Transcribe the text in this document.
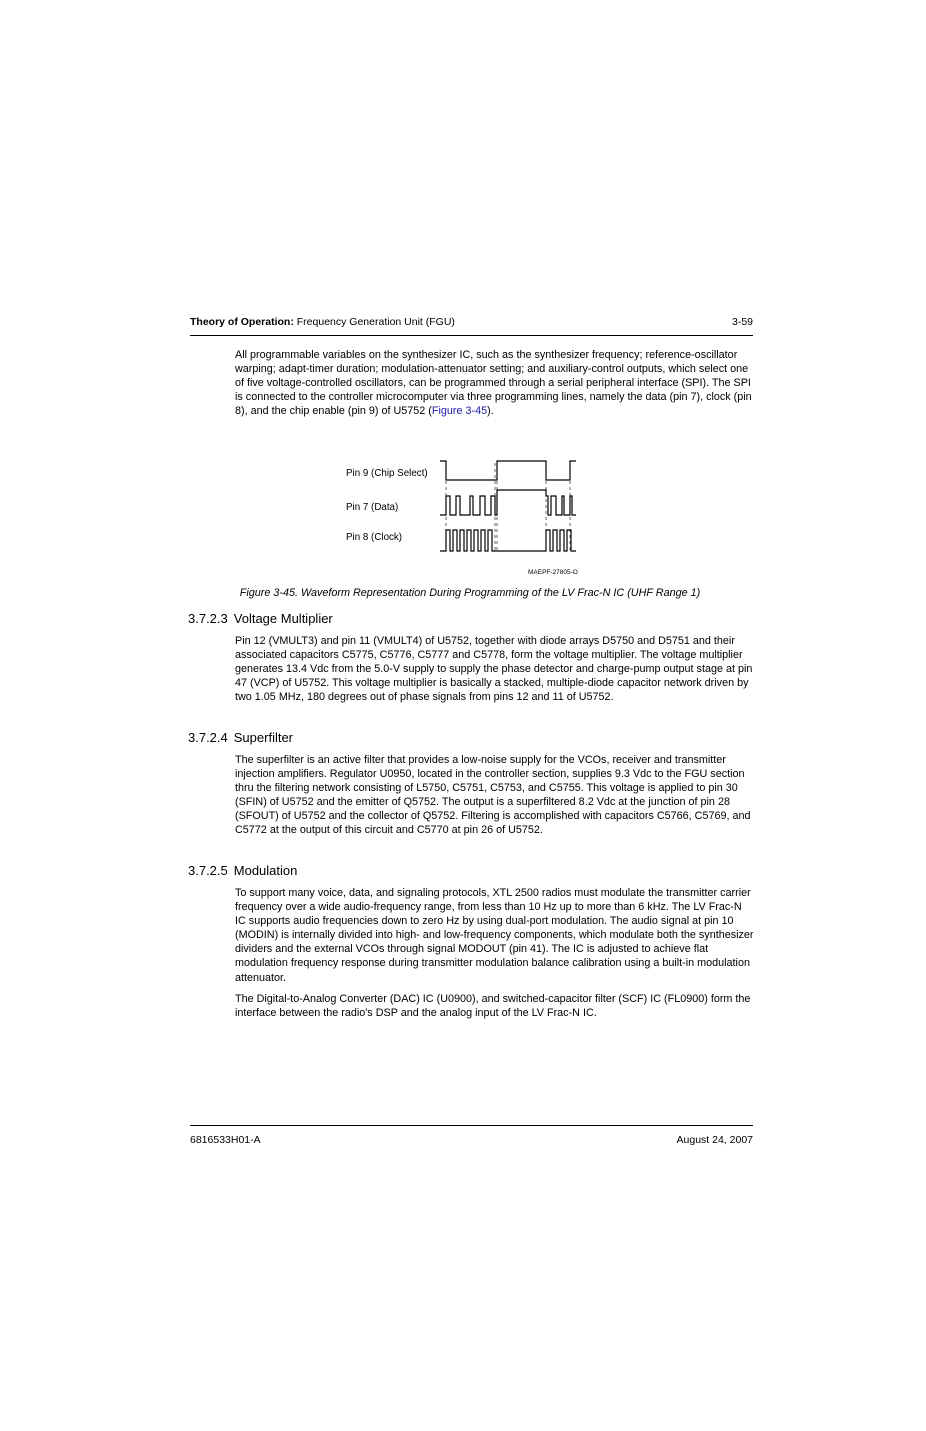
Theory of Operation: Frequency Generation Unit (FGU)	3-59

All programmable variables on the synthesizer IC, such as the synthesizer frequency; reference-oscillator warping; adapt-timer duration; modulation-attenuator setting; and auxiliary-control outputs, which select one of five voltage-controlled oscillators, can be programmed through a serial peripheral interface (SPI). The SPI is connected to the controller microcomputer via three programming lines, namely the data (pin 7), clock (pin 8), and the chip enable (pin 9) of U5752 (Figure 3-45).

Pin 9 (Chip Select)
Pin 7 (Data)
Pin 8 (Clock)
MAEPF-27805-O

Figure 3-45. Waveform Representation During Programming of the LV Frac-N IC (UHF Range 1)

3.7.2.3 Voltage Multiplier

Pin 12 (VMULT3) and pin 11 (VMULT4) of U5752, together with diode arrays D5750 and D5751 and their associated capacitors C5775, C5776, C5777 and C5778, form the voltage multiplier. The voltage multiplier generates 13.4 Vdc from the 5.0-V supply to supply the phase detector and charge-pump output stage at pin 47 (VCP) of U5752. This voltage multiplier is basically a stacked, multiple-diode capacitor network driven by two 1.05 MHz, 180 degrees out of phase signals from pins 12 and 11 of U5752.

3.7.2.4 Superfilter

The superfilter is an active filter that provides a low-noise supply for the VCOs, receiver and transmitter injection amplifiers. Regulator U0950, located in the controller section, supplies 9.3 Vdc to the FGU section thru the filtering network consisting of L5750, C5751, C5753, and C5755. This voltage is applied to pin 30 (SFIN) of U5752 and the emitter of Q5752. The output is a superfiltered 8.2 Vdc at the junction of pin 28 (SFOUT) of U5752 and the collector of Q5752. Filtering is accomplished with capacitors C5766, C5769, and C5772 at the output of this circuit and C5770 at pin 26 of U5752.

3.7.2.5 Modulation

To support many voice, data, and signaling protocols, XTL 2500 radios must modulate the transmitter carrier frequency over a wide audio-frequency range, from less than 10 Hz up to more than 6 kHz. The LV Frac-N IC supports audio frequencies down to zero Hz by using dual-port modulation. The audio signal at pin 10 (MODIN) is internally divided into high- and low-frequency components, which modulate both the synthesizer dividers and the external VCOs through signal MODOUT (pin 41). The IC is adjusted to achieve flat modulation frequency response during transmitter modulation balance calibration using a built-in modulation attenuator.

The Digital-to-Analog Converter (DAC) IC (U0900), and switched-capacitor filter (SCF) IC (FL0900) form the interface between the radio's DSP and the analog input of the LV Frac-N IC.

6816533H01-A	August 24, 2007
